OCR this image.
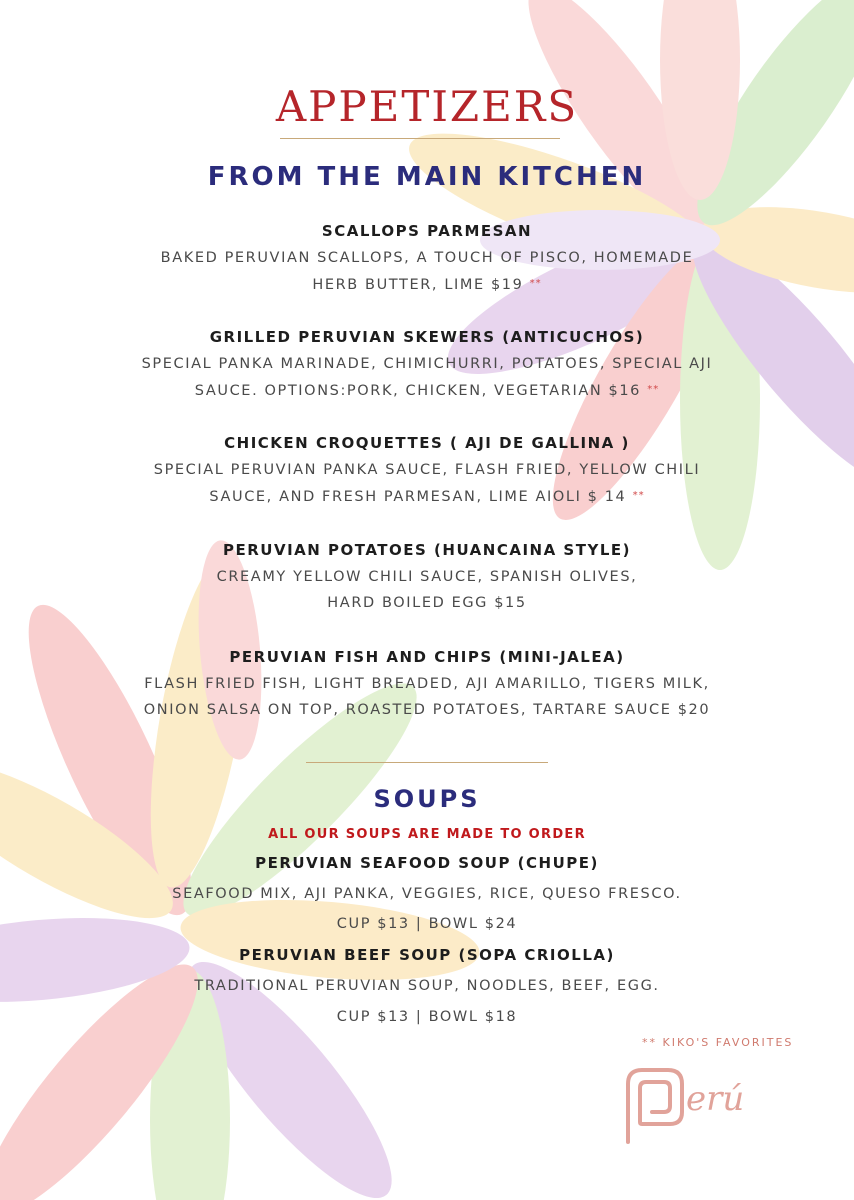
APPETIZERS
FROM THE MAIN KITCHEN
SCALLOPS PARMESAN
BAKED PERUVIAN SCALLOPS, A TOUCH OF PISCO, HOMEMADE
HERB BUTTER, LIME $19 **
GRILLED PERUVIAN SKEWERS (ANTICUCHOS)
SPECIAL PANKA MARINADE, CHIMICHURRI, POTATOES, SPECIAL AJI
SAUCE. OPTIONS:PORK, CHICKEN, VEGETARIAN $16 **
CHICKEN CROQUETTES ( AJI DE GALLINA )
SPECIAL PERUVIAN PANKA SAUCE, FLASH FRIED, YELLOW CHILI
SAUCE, AND FRESH PARMESAN, LIME AIOLI $ 14 **
PERUVIAN POTATOES (HUANCAINA STYLE)
CREAMY YELLOW CHILI SAUCE, SPANISH OLIVES,
HARD BOILED EGG $15
PERUVIAN FISH AND CHIPS (MINI-JALEA)
FLASH FRIED FISH, LIGHT BREADED, AJI AMARILLO, TIGERS MILK,
ONION SALSA ON TOP, ROASTED POTATOES, TARTARE SAUCE $20
SOUPS
ALL OUR SOUPS ARE MADE TO ORDER
PERUVIAN SEAFOOD SOUP (CHUPE)
SEAFOOD MIX, AJI PANKA, VEGGIES, RICE, QUESO FRESCO.
CUP $13 | BOWL $24
PERUVIAN BEEF SOUP (SOPA CRIOLLA)
TRADITIONAL PERUVIAN SOUP, NOODLES, BEEF, EGG.
CUP $13 | BOWL $18
** KIKO'S FAVORITES
erú
